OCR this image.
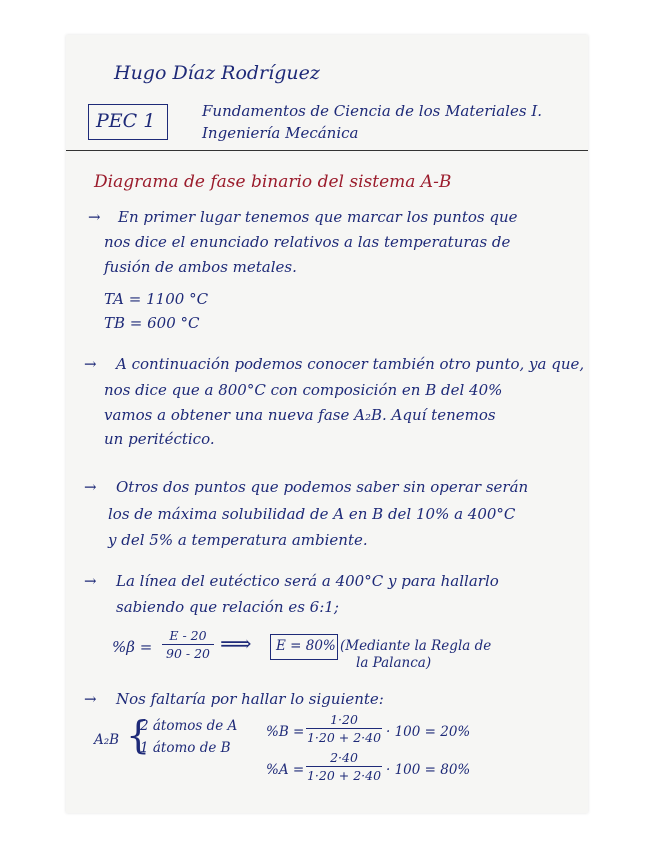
Hugo Díaz Rodríguez
PEC 1	Fundamentos de Ciencia de los Materiales I.
Ingeniería Mecánica
Diagrama de fase binario del sistema A-B
→ En primer lugar tenemos que marcar los puntos que
nos dice el enunciado relativos a las temperaturas de
fusión de ambos metales.
TA = 1100 °C
TB = 600 °C
→ A continuación podemos conocer también otro punto, ya que,
nos dice que a 800°C con composición en B del 40%
vamos a obtener una nueva fase A₂B. Aquí tenemos
un peritéctico.
→ Otros dos puntos que podemos saber sin operar serán
los de máxima solubilidad de A en B del 10% a 400°C
y del 5% a temperatura ambiente.
→ La línea del eutéctico será a 400°C y para hallarlo
sabiendo que relación es 6:1;
%β =
E - 20
90 - 20 ⟹ E = 80% (Mediante la Regla de
la Palanca)
→ Nos faltaría por hallar lo siguiente:
A₂B {
2 átomos de A
1 átomo de B
%B =
1·20
1·20 + 2·40 · 100 = 20%
%A =
2·40
1·20 + 2·40 · 100 = 80%
